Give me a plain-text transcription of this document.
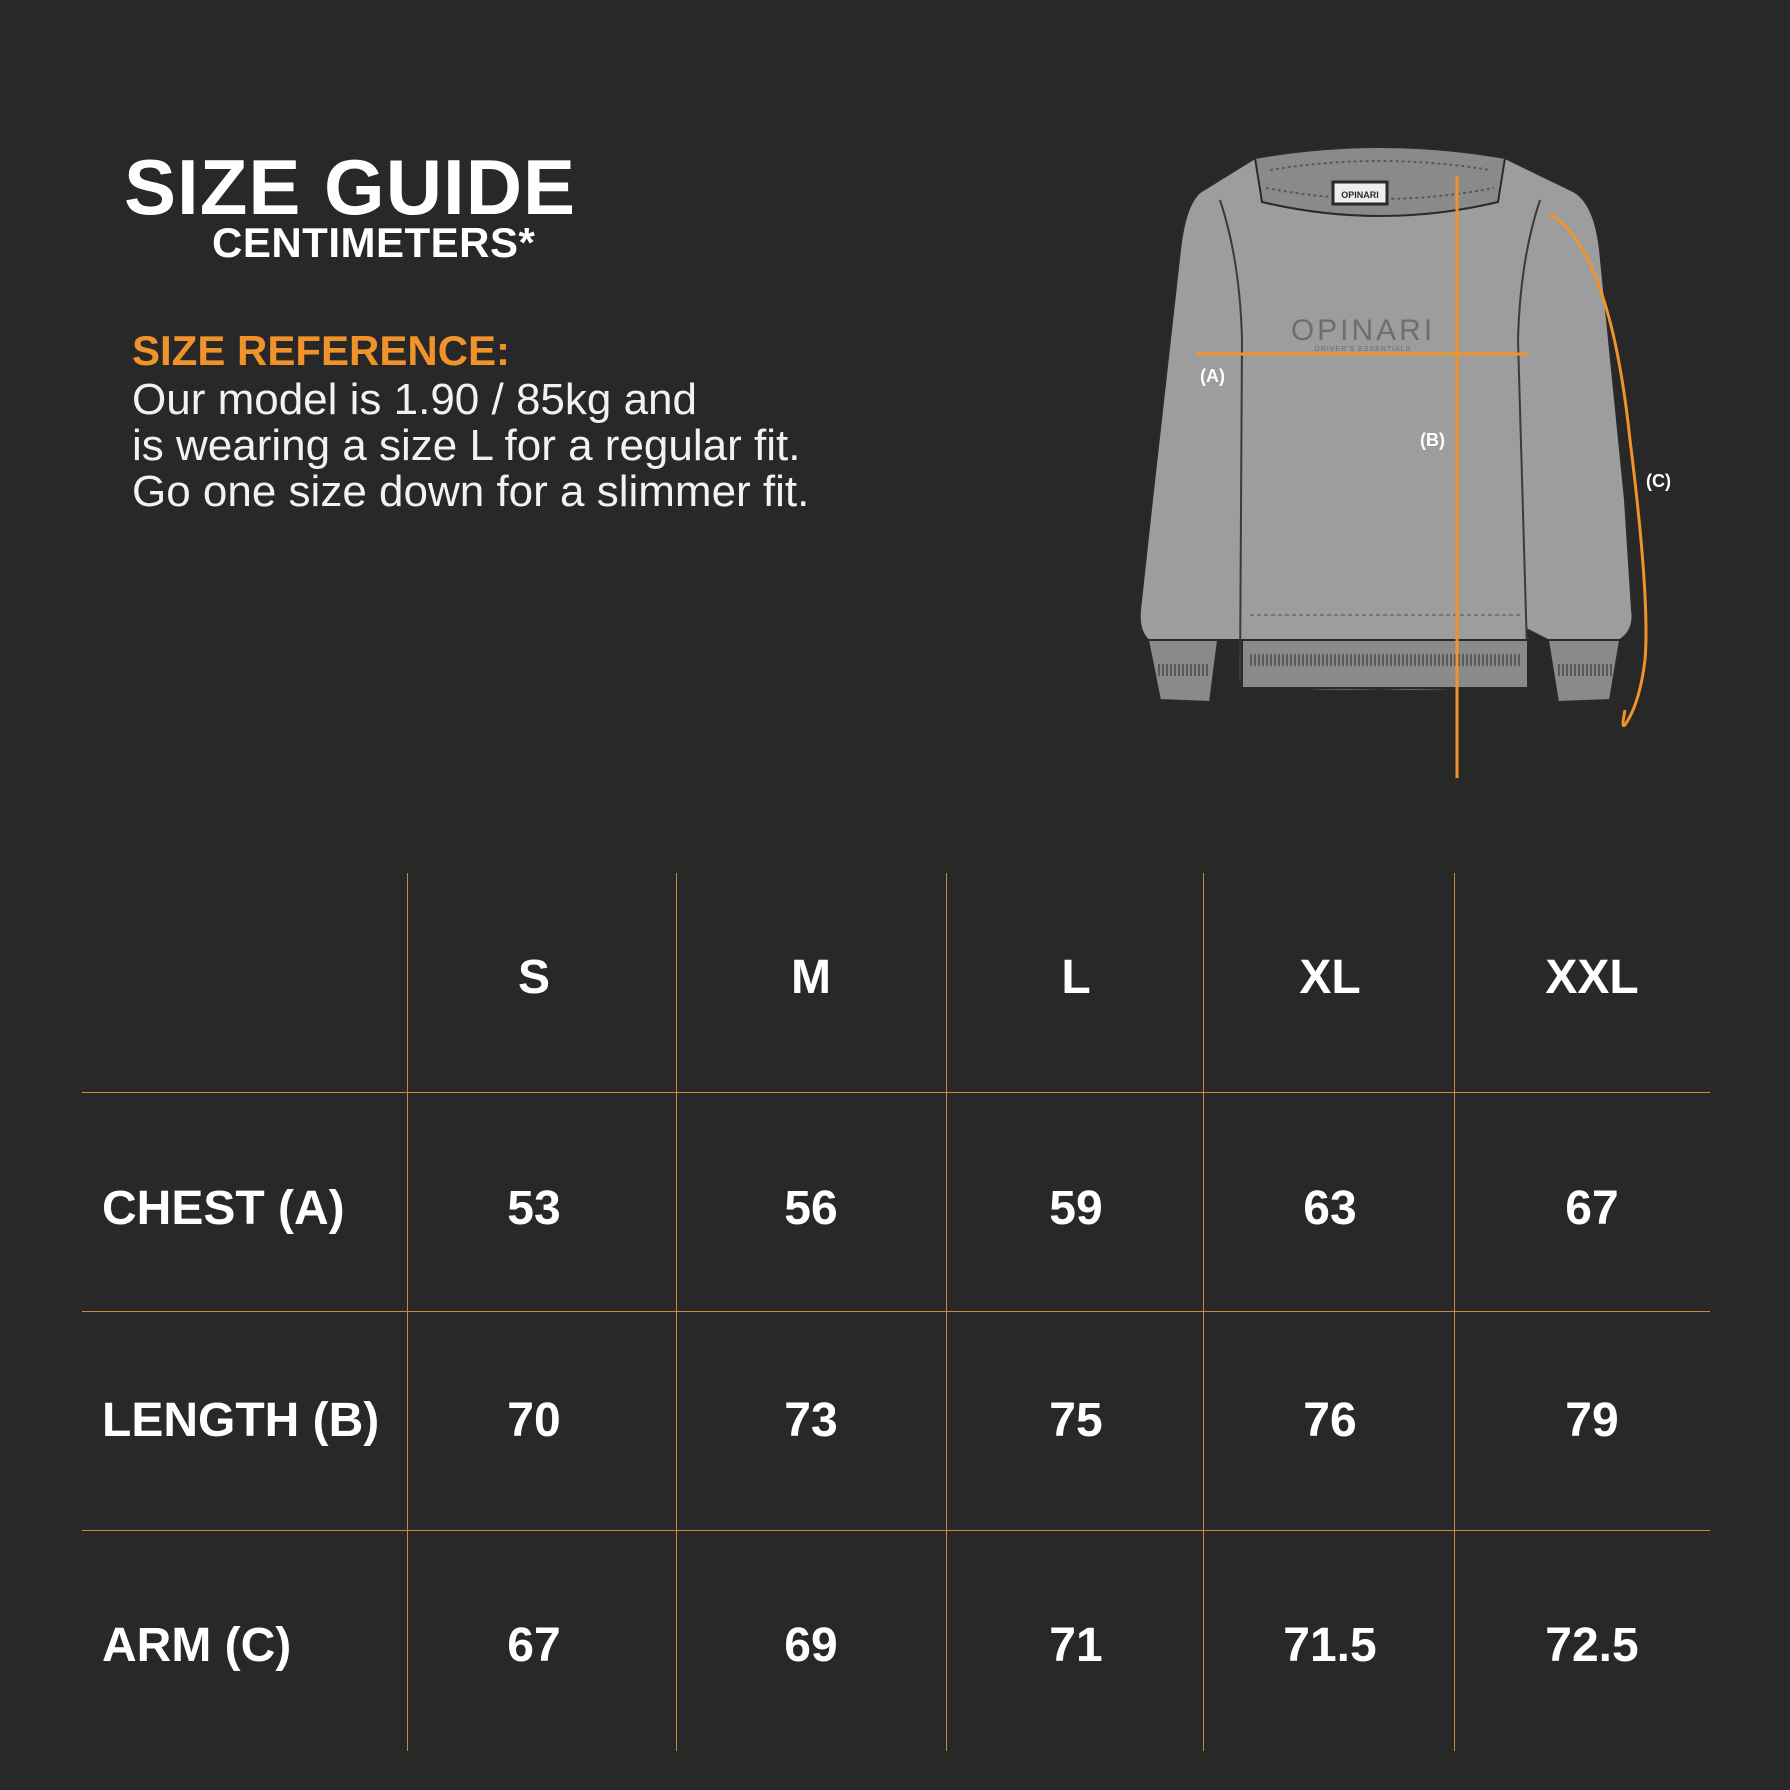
SIZE GUIDE
CENTIMETERS*
SIZE REFERENCE:
Our model is 1.90 / 85kg and
is wearing a size L for a regular fit.
Go one size down for a slimmer fit.
OPINARI
OPINARI
DRIVER'S ESSENTIALS
(A)
(B)
(C)
S	M	L	XL	XXL
CHEST (A)	53	56	59	63	67
LENGTH (B)	70	73	75	76	79
ARM (C)	67	69	71	71.5	72.5
